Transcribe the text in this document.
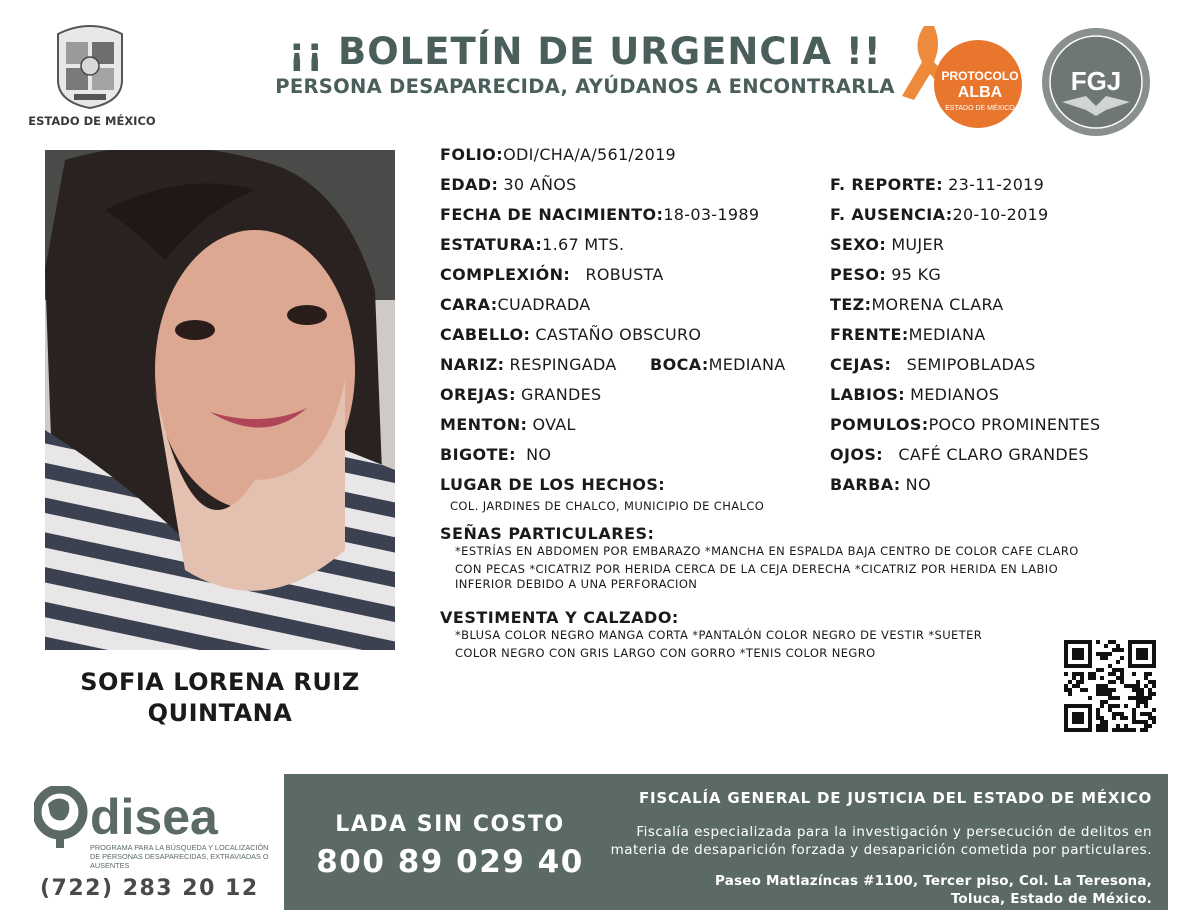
ESTADO DE MÉXICO
¡¡ BOLETÍN DE URGENCIA !!
PERSONA DESAPARECIDA, AYÚDANOS A ENCONTRARLA	PROTOCOLO
ALBA
ESTADO DE MÉXICO
FGJ
SOFIA LORENA RUIZ
QUINTANA
FOLIO:ODI/CHA/A/561/2019
EDAD: 30 AÑOS
FECHA DE NACIMIENTO:18-03-1989
ESTATURA:1.67 MTS.
COMPLEXIÓN: ROBUSTA
CARA:CUADRADA
CABELLO: CASTAÑO OBSCURO
NARIZ: RESPINGADA BOCA:MEDIANA
OREJAS: GRANDES
MENTON: OVAL
BIGOTE: NO
LUGAR DE LOS HECHOS:
COL. JARDINES DE CHALCO, MUNICIPIO DE CHALCO
F. REPORTE: 23-11-2019
F. AUSENCIA:20-10-2019
SEXO: MUJER
PESO: 95 KG
TEZ:MORENA CLARA
FRENTE:MEDIANA
CEJAS: SEMIPOBLADAS
LABIOS: MEDIANOS
POMULOS:POCO PROMINENTES
OJOS: CAFÉ CLARO GRANDES
BARBA: NO
SEÑAS PARTICULARES:
*ESTRÍAS EN ABDOMEN POR EMBARAZO *MANCHA EN ESPALDA BAJA CENTRO DE COLOR CAFE CLARO
CON PECAS *CICATRIZ POR HERIDA CERCA DE LA CEJA DERECHA *CICATRIZ POR HERIDA EN LABIO
INFERIOR DEBIDO A UNA PERFORACION
VESTIMENTA Y CALZADO:
*BLUSA COLOR NEGRO MANGA CORTA *PANTALÓN COLOR NEGRO DE VESTIR *SUETER
COLOR NEGRO CON GRIS LARGO CON GORRO *TENIS COLOR NEGRO
disea
PROGRAMA PARA LA BÚSQUEDA Y LOCALIZACIÓN
DE PERSONAS DESAPARECIDAS, EXTRAVIADAS O
AUSENTES
(722) 283 20 12
LADA SIN COSTO
800 89 029 40
FISCALÍA GENERAL DE JUSTICIA DEL ESTADO DE MÉXICO
Fiscalía especializada para la investigación y persecución de delitos en
materia de desaparición forzada y desaparición cometida por particulares.
Paseo Matlazíncas #1100, Tercer piso, Col. La Teresona,
Toluca, Estado de México.
